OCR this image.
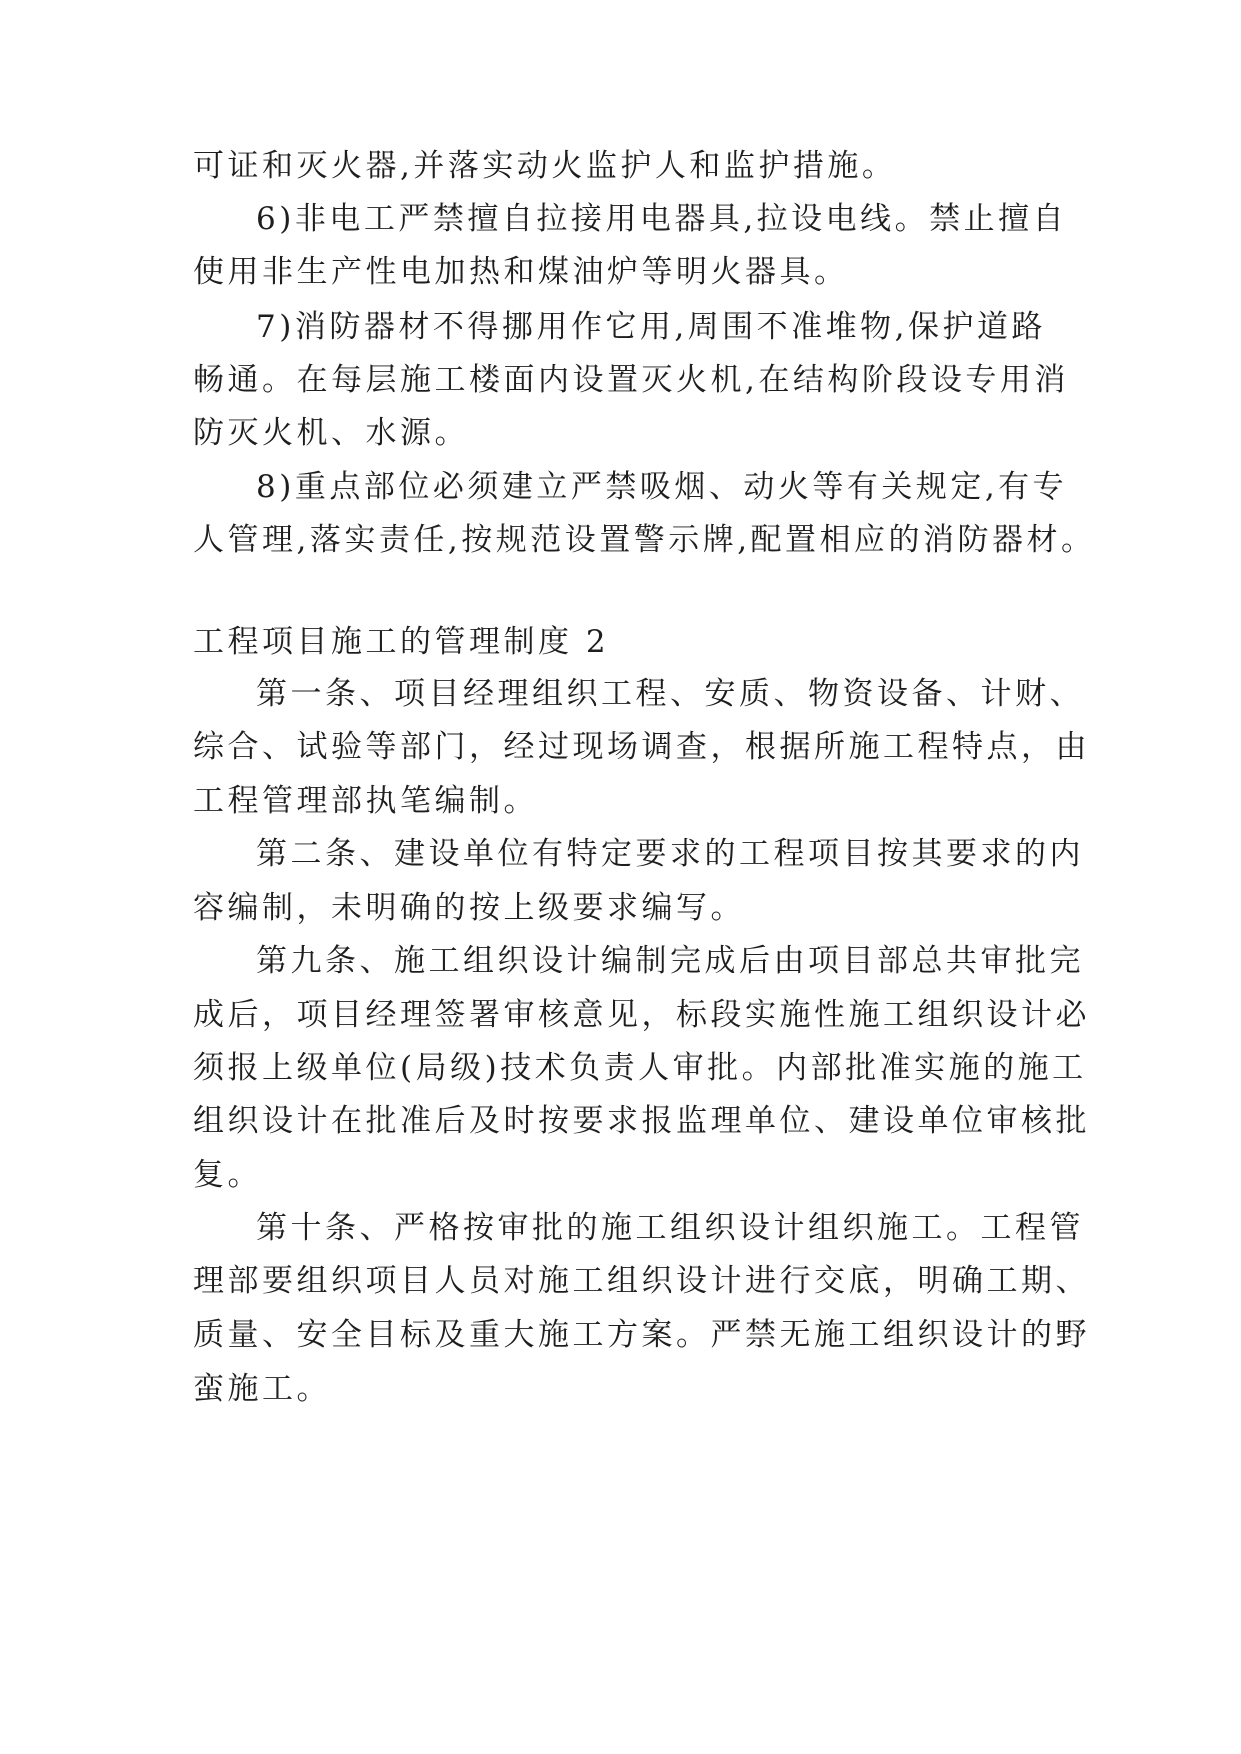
可证和灭火器,并落实动火监护人和监护措施。
6)非电工严禁擅自拉接用电器具,拉设电线。禁止擅自
使用非生产性电加热和煤油炉等明火器具。
7)消防器材不得挪用作它用,周围不准堆物,保护道路
畅通。在每层施工楼面内设置灭火机,在结构阶段设专用消
防灭火机、水源。
8)重点部位必须建立严禁吸烟、动火等有关规定,有专
人管理,落实责任,按规范设置警示牌,配置相应的消防器材。
工程项目施工的管理制度 2
第一条、项目经理组织工程、安质、物资设备、计财、
综合、试验等部门，经过现场调查，根据所施工程特点，由
工程管理部执笔编制。
第二条、建设单位有特定要求的工程项目按其要求的内
容编制，未明确的按上级要求编写。
第九条、施工组织设计编制完成后由项目部总共审批完
成后，项目经理签署审核意见，标段实施性施工组织设计必
须报上级单位(局级)技术负责人审批。内部批准实施的施工
组织设计在批准后及时按要求报监理单位、建设单位审核批
复。
第十条、严格按审批的施工组织设计组织施工。工程管
理部要组织项目人员对施工组织设计进行交底，明确工期、
质量、安全目标及重大施工方案。严禁无施工组织设计的野
蛮施工。
